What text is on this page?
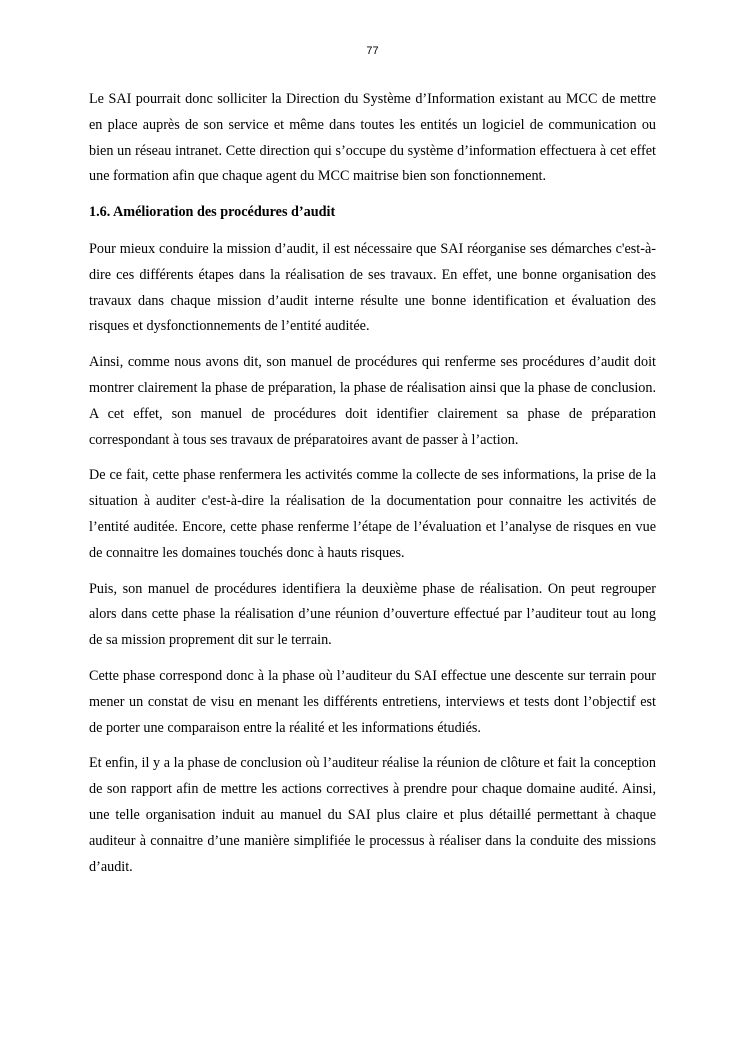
77

Le SAI pourrait donc solliciter la Direction du Système d’Information existant au MCC de mettre en place auprès de son service et même dans toutes les entités un logiciel de communication ou bien un réseau intranet. Cette direction qui s’occupe du système d’information effectuera à cet effet une formation afin que chaque agent du MCC maitrise bien son fonctionnement.

1.6. Amélioration des procédures d’audit

Pour mieux conduire la mission d’audit, il est nécessaire que SAI réorganise ses démarches c'est-à-dire ces différents étapes dans la réalisation de ses travaux. En effet, une bonne organisation des travaux dans chaque mission d’audit interne résulte une bonne identification et évaluation des risques et dysfonctionnements de l’entité auditée.

Ainsi, comme nous avons dit, son manuel de procédures qui renferme ses procédures d’audit doit montrer clairement la phase de préparation, la phase de réalisation ainsi que la phase de conclusion. A cet effet, son manuel de procédures doit identifier clairement sa phase de préparation correspondant à tous ses travaux de préparatoires avant de passer à l’action.

De ce fait, cette phase renfermera les activités comme la collecte de ses informations, la prise de la situation à auditer c'est-à-dire la réalisation de la documentation pour connaitre les activités de l’entité auditée. Encore, cette phase renferme l’étape de l’évaluation et l’analyse de risques en vue de connaitre les domaines touchés donc à hauts risques.

Puis, son manuel de procédures identifiera la deuxième phase de réalisation. On peut regrouper alors dans cette phase la réalisation d’une réunion d’ouverture effectué par l’auditeur tout au long de sa mission proprement dit sur le terrain.

Cette phase correspond donc à la phase où l’auditeur du SAI effectue une descente sur terrain pour mener un constat de visu en menant les différents entretiens, interviews et tests dont l’objectif est de porter une comparaison entre la réalité et les informations étudiés.

Et enfin, il y a la phase de conclusion où l’auditeur réalise la réunion de clôture et fait la conception de son rapport afin de mettre les actions correctives à prendre pour chaque domaine audité. Ainsi, une telle organisation induit au manuel du SAI plus claire et plus détaillé permettant à chaque auditeur à connaitre d’une manière simplifiée le processus à réaliser dans la conduite des missions d’audit.
